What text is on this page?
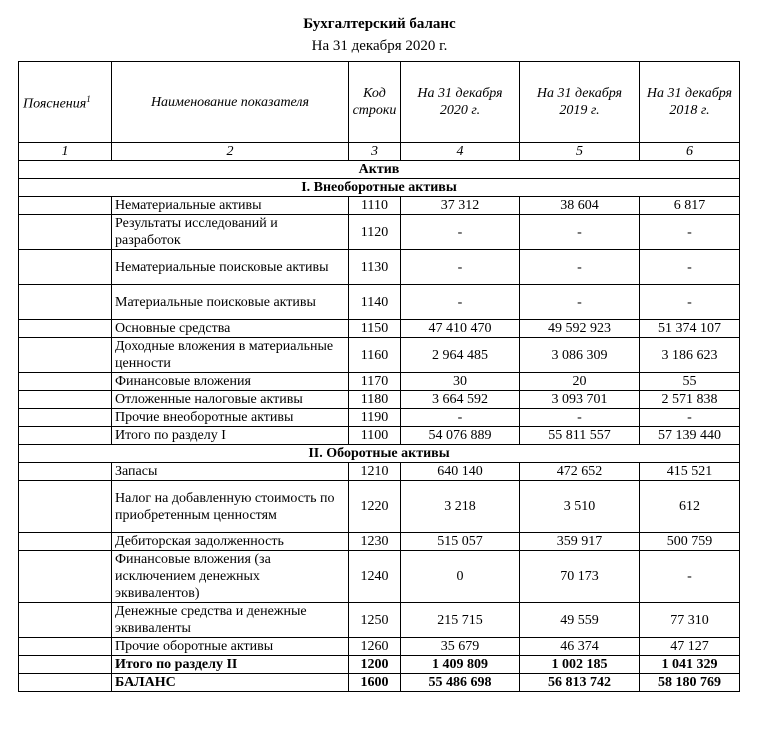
Бухгалтерский баланс
На 31 декабря 2020 г.
Пояснения$^1$	Наименование показателя	Код строки	На 31 декабря 2020 г.	На 31 декабря 2019 г.	На 31 декабря 2018 г.
1	2	3	4	5	6
Актив					
I. Внеоборотные активы					
	Нематериальные активы	1110	37 312	38 604	6 817
	Результаты исследований и разработок	1120	-	-	-
	Нематериальные поисковые активы	1130	-	-	-
	Материальные поисковые активы	1140	-	-	-
	Основные средства	1150	47 410 470	49 592 923	51 374 107
	Доходные вложения в материальные ценности	1160	2 964 485	3 086 309	3 186 623
	Финансовые вложения	1170	30	20	55
	Отложенные налоговые активы	1180	3 664 592	3 093 701	2 571 838
	Прочие внеоборотные активы	1190	-	-	-
	Итого по разделу I	1100	54 076 889	55 811 557	57 139 440
II. Оборотные активы					
	Запасы	1210	640 140	472 652	415 521
	Налог на добавленную стоимость по приобретенным ценностям	1220	3 218	3 510	612
	Дебиторская задолженность	1230	515 057	359 917	500 759
	Финансовые вложения (за исключением денежных эквивалентов)	1240	0	70 173	-
	Денежные средства и денежные эквиваленты	1250	215 715	49 559	77 310
	Прочие оборотные активы	1260	35 679	46 374	47 127
	Итого по разделу II	1200	1 409 809	1 002 185	1 041 329
	БАЛАНС	1600	55 486 698	56 813 742	58 180 769
